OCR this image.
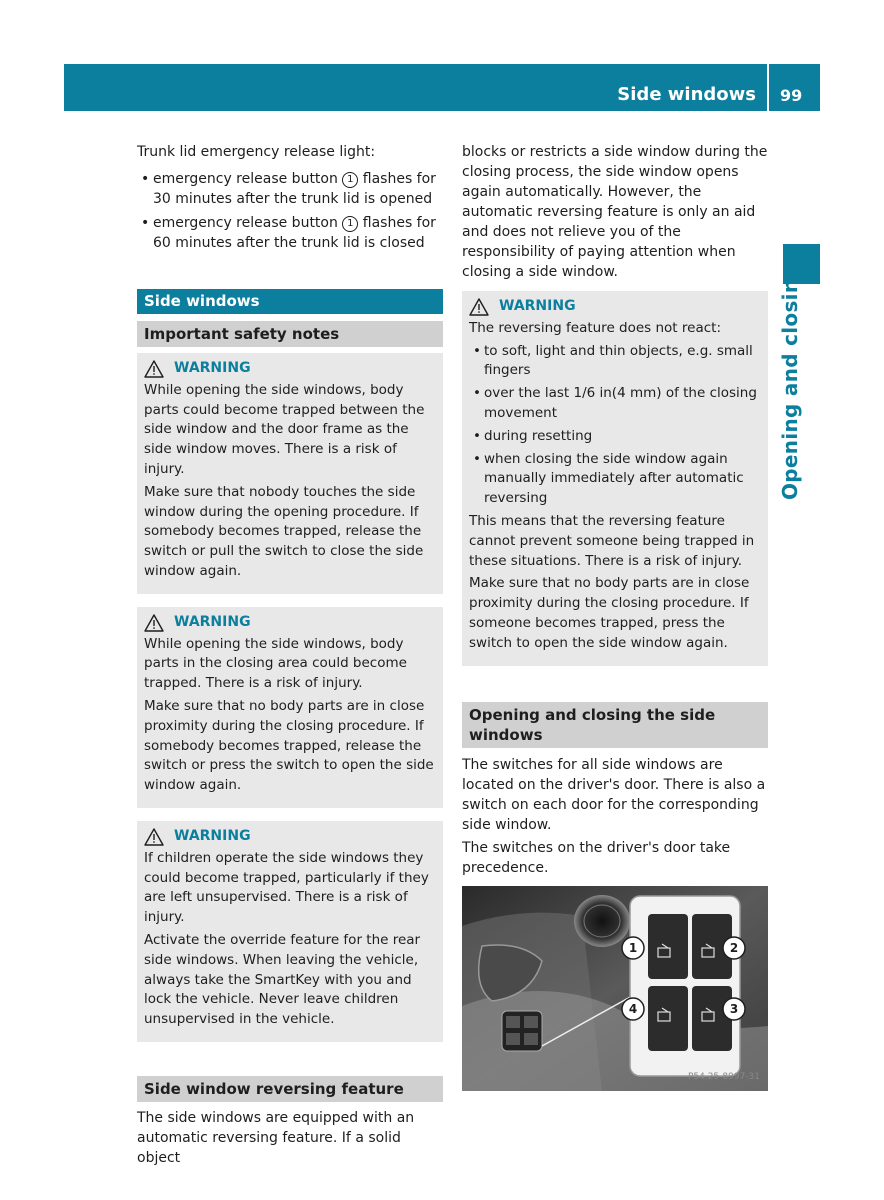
Side windows 99
Opening and closing

Trunk lid emergency release light:

• emergency release button 1 flashes for 30 minutes after the trunk lid is opened
• emergency release button 1 flashes for 60 minutes after the trunk lid is closed
Side windows
Important safety notes
WARNING

While opening the side windows, body parts could become trapped between the side window and the door frame as the side window moves. There is a risk of injury.

Make sure that nobody touches the side window during the opening procedure. If somebody becomes trapped, release the switch or pull the switch to close the side window again.

WARNING

While opening the side windows, body parts in the closing area could become trapped. There is a risk of injury.

Make sure that no body parts are in close proximity during the closing procedure. If somebody becomes trapped, release the switch or press the switch to open the side window again.

WARNING

If children operate the side windows they could become trapped, particularly if they are left unsupervised. There is a risk of injury.

Activate the override feature for the rear side windows. When leaving the vehicle, always take the SmartKey with you and lock the vehicle. Never leave children unsupervised in the vehicle.

Side window reversing feature

The side windows are equipped with an automatic reversing feature. If a solid object

blocks or restricts a side window during the closing process, the side window opens again automatically. However, the automatic reversing feature is only an aid and does not relieve you of the responsibility of paying attention when closing a side window.

WARNING

The reversing feature does not react:

• to soft, light and thin objects, e.g. small fingers
• over the last 1/6 in(4 mm) of the closing movement
• during resetting
• when closing the side window again manually immediately after automatic reversing

This means that the reversing feature cannot prevent someone being trapped in these situations. There is a risk of injury.

Make sure that no body parts are in close proximity during the closing procedure. If someone becomes trapped, press the switch to open the side window again.

Opening and closing the side windows

The switches for all side windows are located on the driver's door. There is also a switch on each door for the corresponding side window.

The switches on the driver's door take precedence.

1	2
3
4
P54.25-8997-31
